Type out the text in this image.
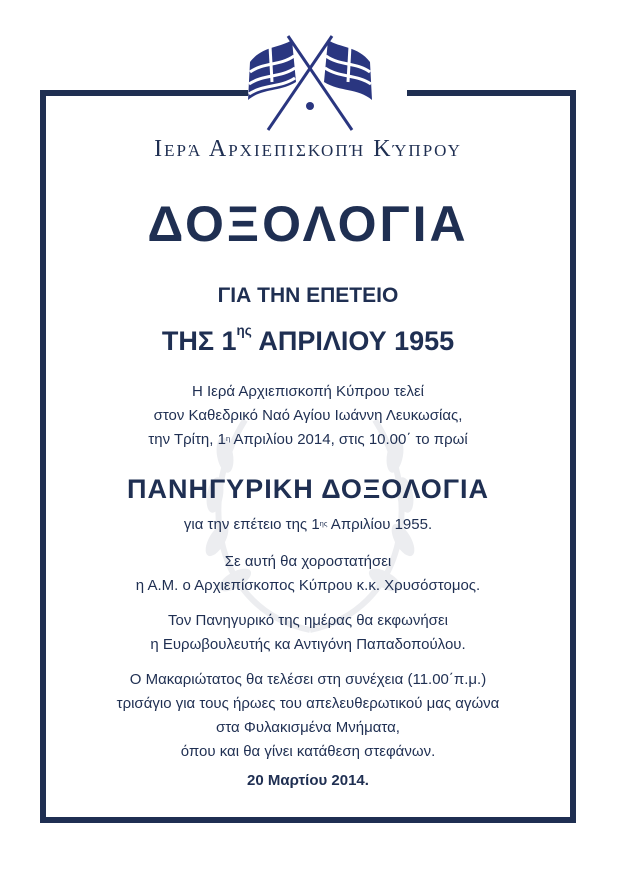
Ιερά Αρχιεπισκοπή Κύπρου
ΔΟΞΟΛΟΓΙΑ
ΓΙΑ ΤΗΝ ΕΠΕΤΕΙΟ
ΤΗΣ $1^{\eta\varsigma}$ ΑΠΡΙΛΙΟΥ 1955
Η Ιερά Αρχιεπισκοπή Κύπρου τελεί
στον Καθεδρικό Ναό Αγίου Ιωάννη Λευκωσίας,
την Τρίτη, $1^\eta$ Απριλίου 2014, στις 10.00΄ το πρωί
ΠΑΝΗΓΥΡΙΚΗ ΔΟΞΟΛΟΓΙΑ
για την επέτειο της $1^{\eta\varsigma}$ Απριλίου 1955.
Σε αυτή θα χοροστατήσει
η Α.Μ. ο Αρχιεπίσκοπος Κύπρου κ.κ. Χρυσόστομος.
Τον Πανηγυρικό της ημέρας θα εκφωνήσει
η Ευρωβουλευτής κα Αντιγόνη Παπαδοπούλου.
Ο Μακαριώτατος θα τελέσει στη συνέχεια (11.00΄π.μ.)
τρισάγιο για τους ήρωες του απελευθερωτικού μας αγώνα
στα Φυλακισμένα Μνήματα,
όπου και θα γίνει κατάθεση στεφάνων.
20 Μαρτίου 2014.
